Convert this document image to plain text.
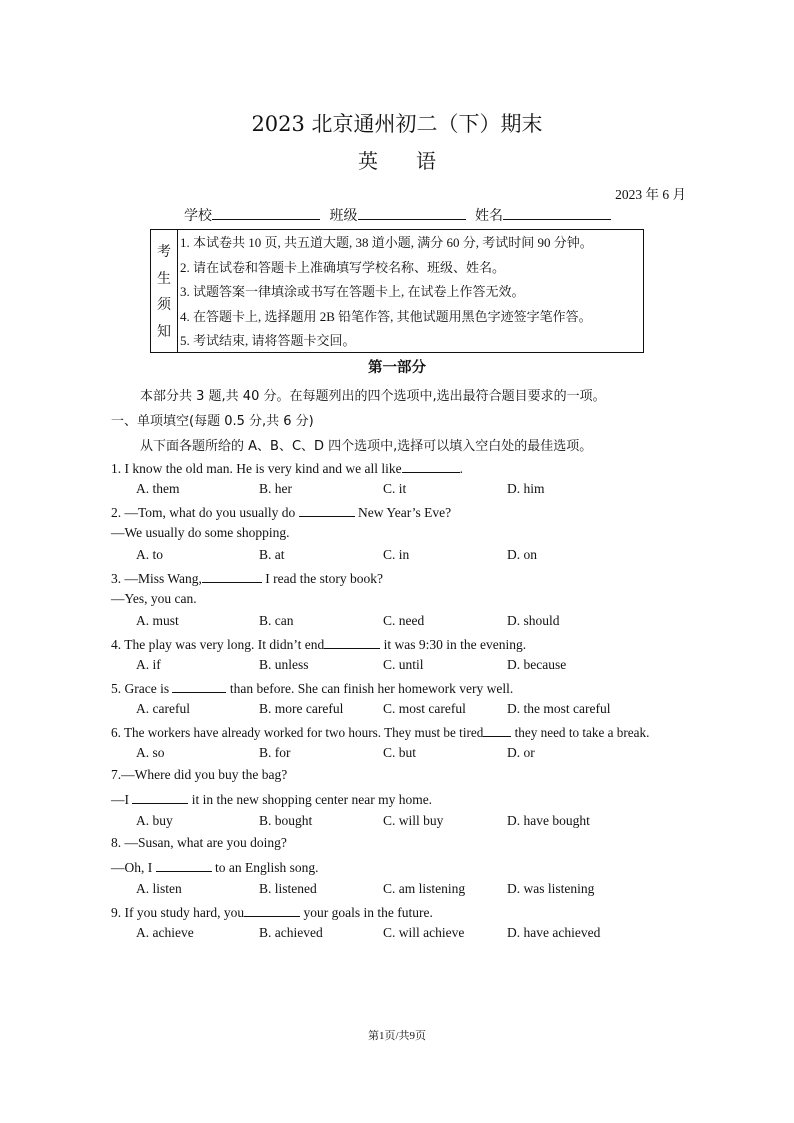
2023 北京通州初二（下）期末
英语
2023 年 6 月
学校	班级	姓名
考
生
须
知
1. 本试卷共 10 页, 共五道大题, 38 道小题, 满分 60 分, 考试时间 90 分钟。
2. 请在试卷和答题卡上准确填写学校名称、班级、姓名。
3. 试题答案一律填涂或书写在答题卡上, 在试卷上作答无效。
4. 在答题卡上, 选择题用 2B 铅笔作答, 其他试题用黑色字迹签字笔作答。
5. 考试结束, 请将答题卡交回。
第一部分
本部分共 3 题,共 40 分。在每题列出的四个选项中,选出最符合题目要求的一项。
一、单项填空(每题 0.5 分,共 6 分)
从下面各题所给的 A、B、C、D 四个选项中,选择可以填入空白处的最佳选项。
1. I know the old man. He is very kind and we all like	.
A. them	B. her	C. it	D. him
2. —Tom, what do you usually do	New Year’s Eve?
—We usually do some shopping.
A. to	B. at	C. in	D. on
3. —Miss Wang,	I read the story book?
—Yes, you can.
A. must	B. can	C. need	D. should
4. The play was very long. It didn’t end	it was 9:30 in the evening.
A. if	B. unless	C. until	D. because
5. Grace is	than before. She can finish her homework very well.
A. careful	B. more careful	C. most careful	D. the most careful
6. The workers have already worked for two hours. They must be tired they need to take a break.
A. so	B. for	C. but	D. or
7.—Where did you buy the bag?
—I	it in the new shopping center near my home.
A. buy	B. bought	C. will buy	D. have bought
8. —Susan, what are you doing?
—Oh, I	to an English song.
A. listen	B. listened	C. am listening	D. was listening
9. If you study hard, you	your goals in the future.
A. achieve	B. achieved	C. will achieve	D. have achieved
第1页/共9页
